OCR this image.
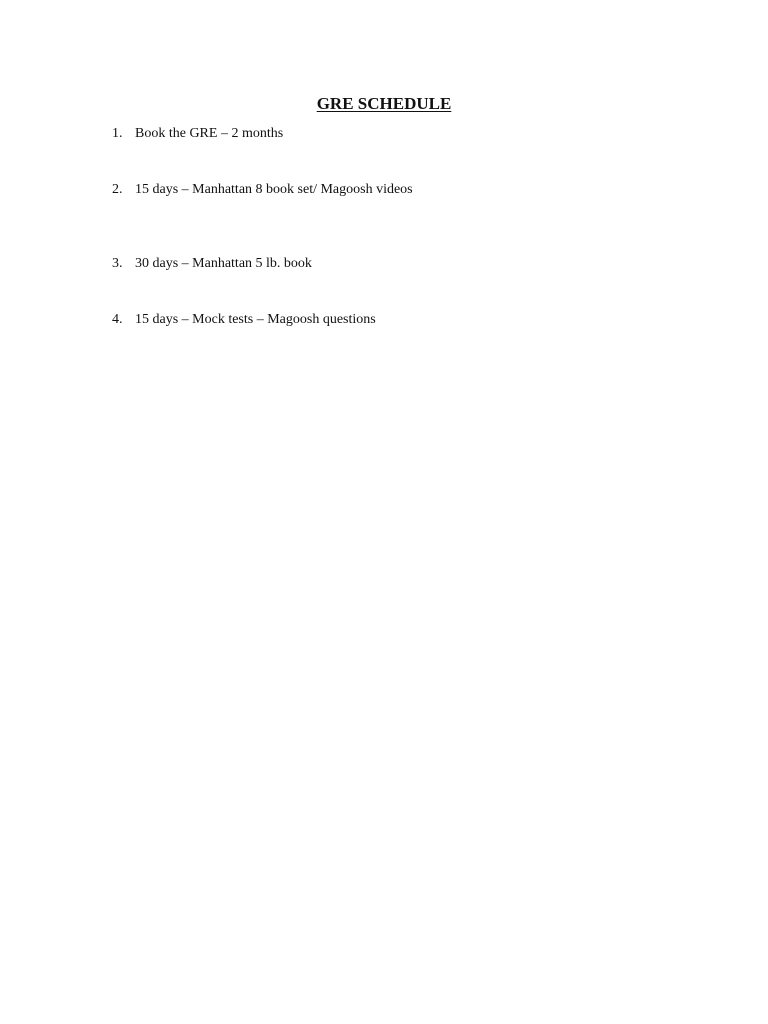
GRE SCHEDULE
1. Book the GRE – 2 months
2. 15 days – Manhattan 8 book set/ Magoosh videos
3. 30 days – Manhattan 5 lb. book
4. 15 days – Mock tests – Magoosh questions
